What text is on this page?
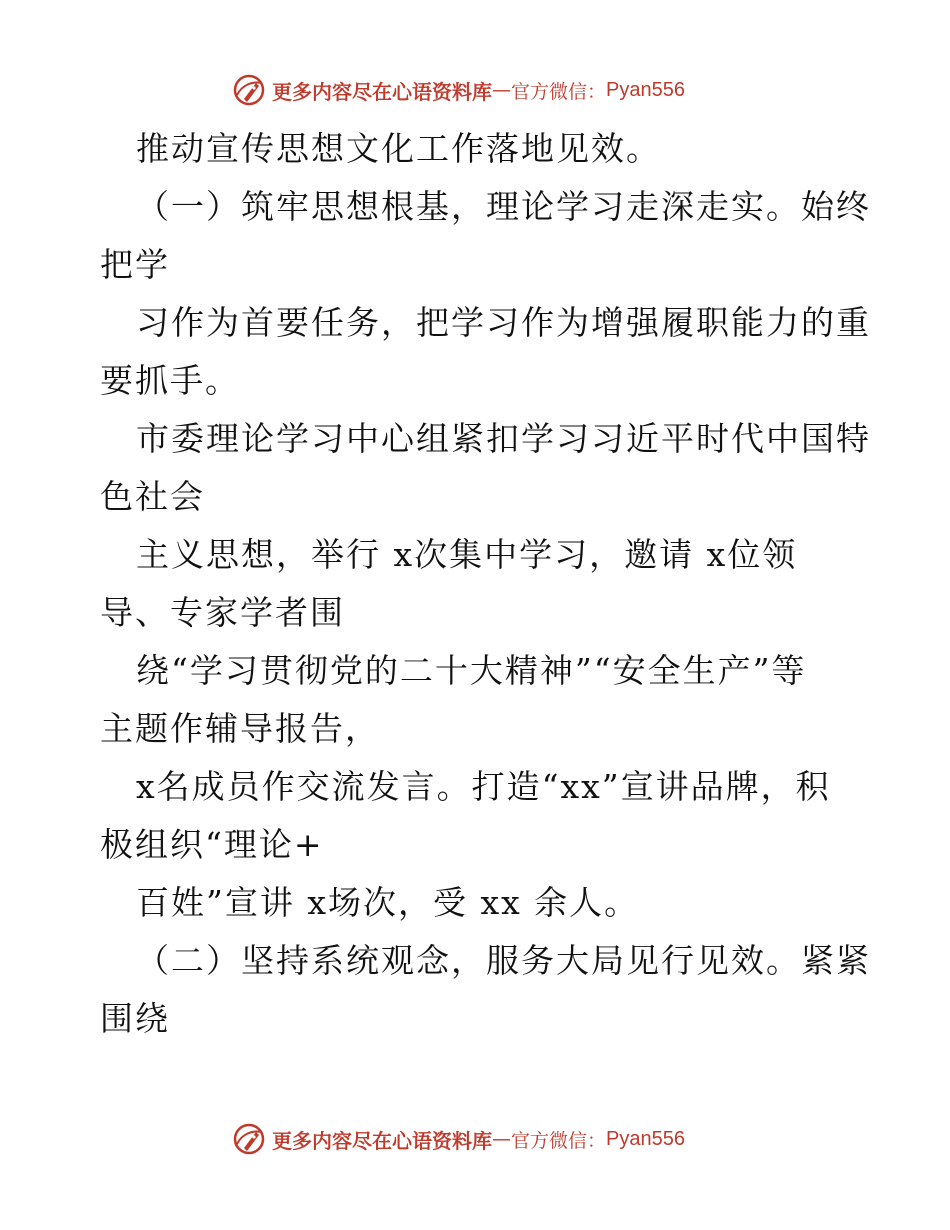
更多内容尽在心语资料库 — 官方微信： Pyan556
推动宣传思想文化工作落地见效。
（一）筑牢思想根基，理论学习走深走实。始终
把学
习作为首要任务，把学习作为增强履职能力的重
要抓手。
市委理论学习中心组紧扣学习习近平时代中国特
色社会
主义思想，举行 x次集中学习，邀请 x位领
导、专家学者围
绕“学习贯彻党的二十大精神”“安全生产”等
主题作辅导报告，
x名成员作交流发言。打造“xx”宣讲品牌，积
极组织“理论+
百姓”宣讲 x场次，受 xx 余人。
（二）坚持系统观念，服务大局见行见效。紧紧
围绕
更多内容尽在心语资料库 — 官方微信： Pyan556
